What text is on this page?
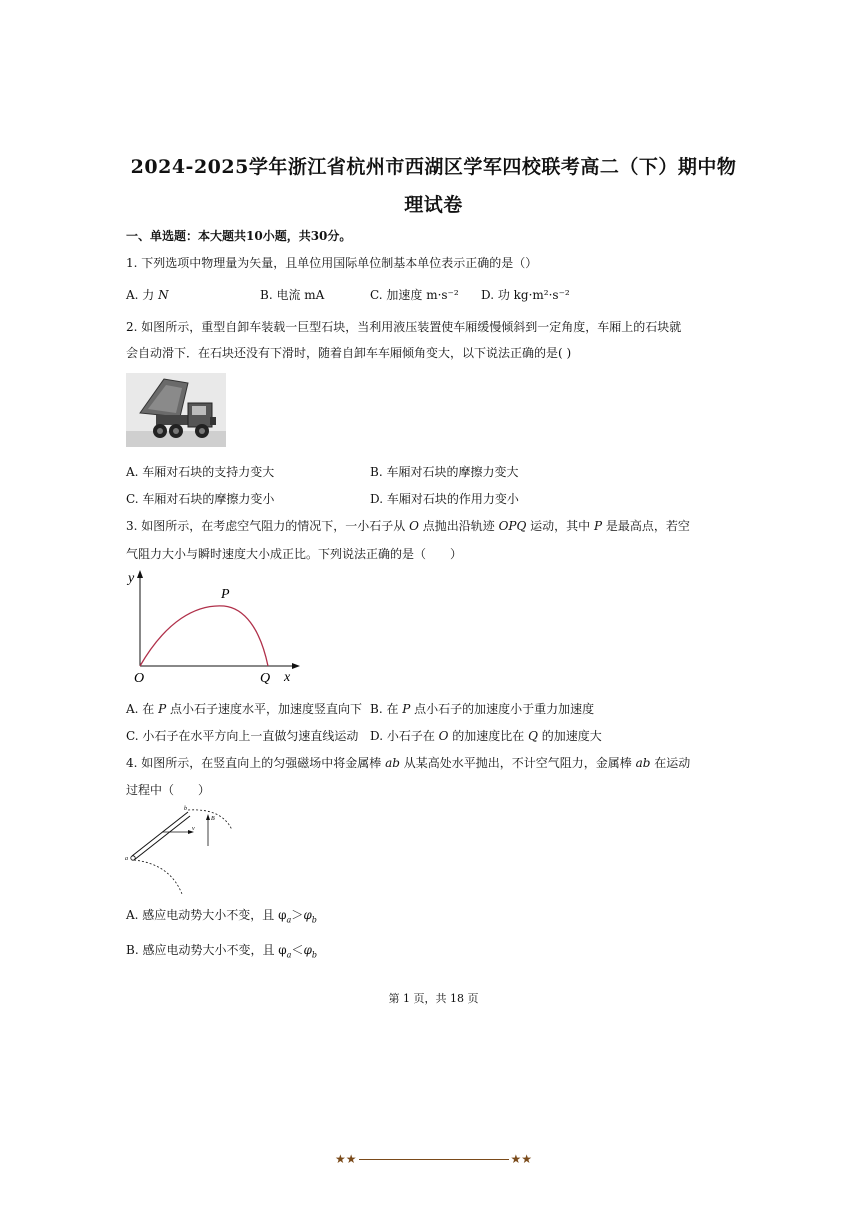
2024-2025学年浙江省杭州市西湖区学军四校联考高二（下）期中物
理试卷
一、单选题：本大题共10小题，共30分。
1. 下列选项中物理量为矢量，且单位用国际单位制基本单位表示正确的是（）
A. 力 N	B. 电流 mA	C. 加速度 m·s⁻² D. 功 kg·m²·s⁻²
2. 如图所示，重型自卸车装载一巨型石块，当利用液压装置使车厢缓慢倾斜到一定角度，车厢上的石块就
会自动滑下．在石块还没有下滑时，随着自卸车车厢倾角变大，以下说法正确的是( )
A. 车厢对石块的支持力变大	B. 车厢对石块的摩擦力变大
C. 车厢对石块的摩擦力变小	D. 车厢对石块的作用力变小
3. 如图所示，在考虑空气阻力的情况下，一小石子从 O 点抛出沿轨迹 OPQ 运动，其中 P 是最高点，若空
气阻力大小与瞬时速度大小成正比。下列说法正确的是（　　）
y
x
O
P
Q
A. 在 P 点小石子速度水平，加速度竖直向下 B. 在 P 点小石子的加速度小于重力加速度
C. 小石子在水平方向上一直做匀速直线运动 D. 小石子在 O 的加速度比在 Q 的加速度大
4. 如图所示，在竖直向上的匀强磁场中将金属棒 ab 从某高处水平抛出，不计空气阻力，金属棒 ab 在运动
过程中（　　）
a
b
v
B
A. 感应电动势大小不变，且 $\varphi_a>\varphi_b$
B. 感应电动势大小不变，且 $\varphi_a<\varphi_b$
第 1 页，共 18 页
★★	★★
